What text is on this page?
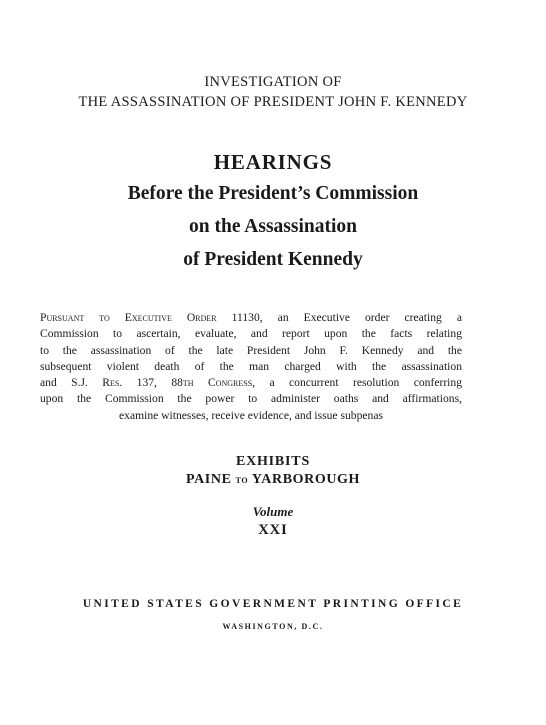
INVESTIGATION OF
THE ASSASSINATION OF PRESIDENT JOHN F. KENNEDY
HEARINGS
Before the President’s Commission
on the Assassination
of President Kennedy
Pursuant to Executive Order 11130, an Executive order creating a
Commission to ascertain, evaluate, and report upon the facts relating
to the assassination of the late President John F. Kennedy and the
subsequent violent death of the man charged with the assassination
and S.J. Res. 137, 88th Congress, a concurrent resolution conferring
upon the Commission the power to administer oaths and affirmations,
examine witnesses, receive evidence, and issue subpenas
EXHIBITS
PAINE to YARBOROUGH
Volume
XXI
UNITED STATES GOVERNMENT PRINTING OFFICE
WASHINGTON, D.C.
